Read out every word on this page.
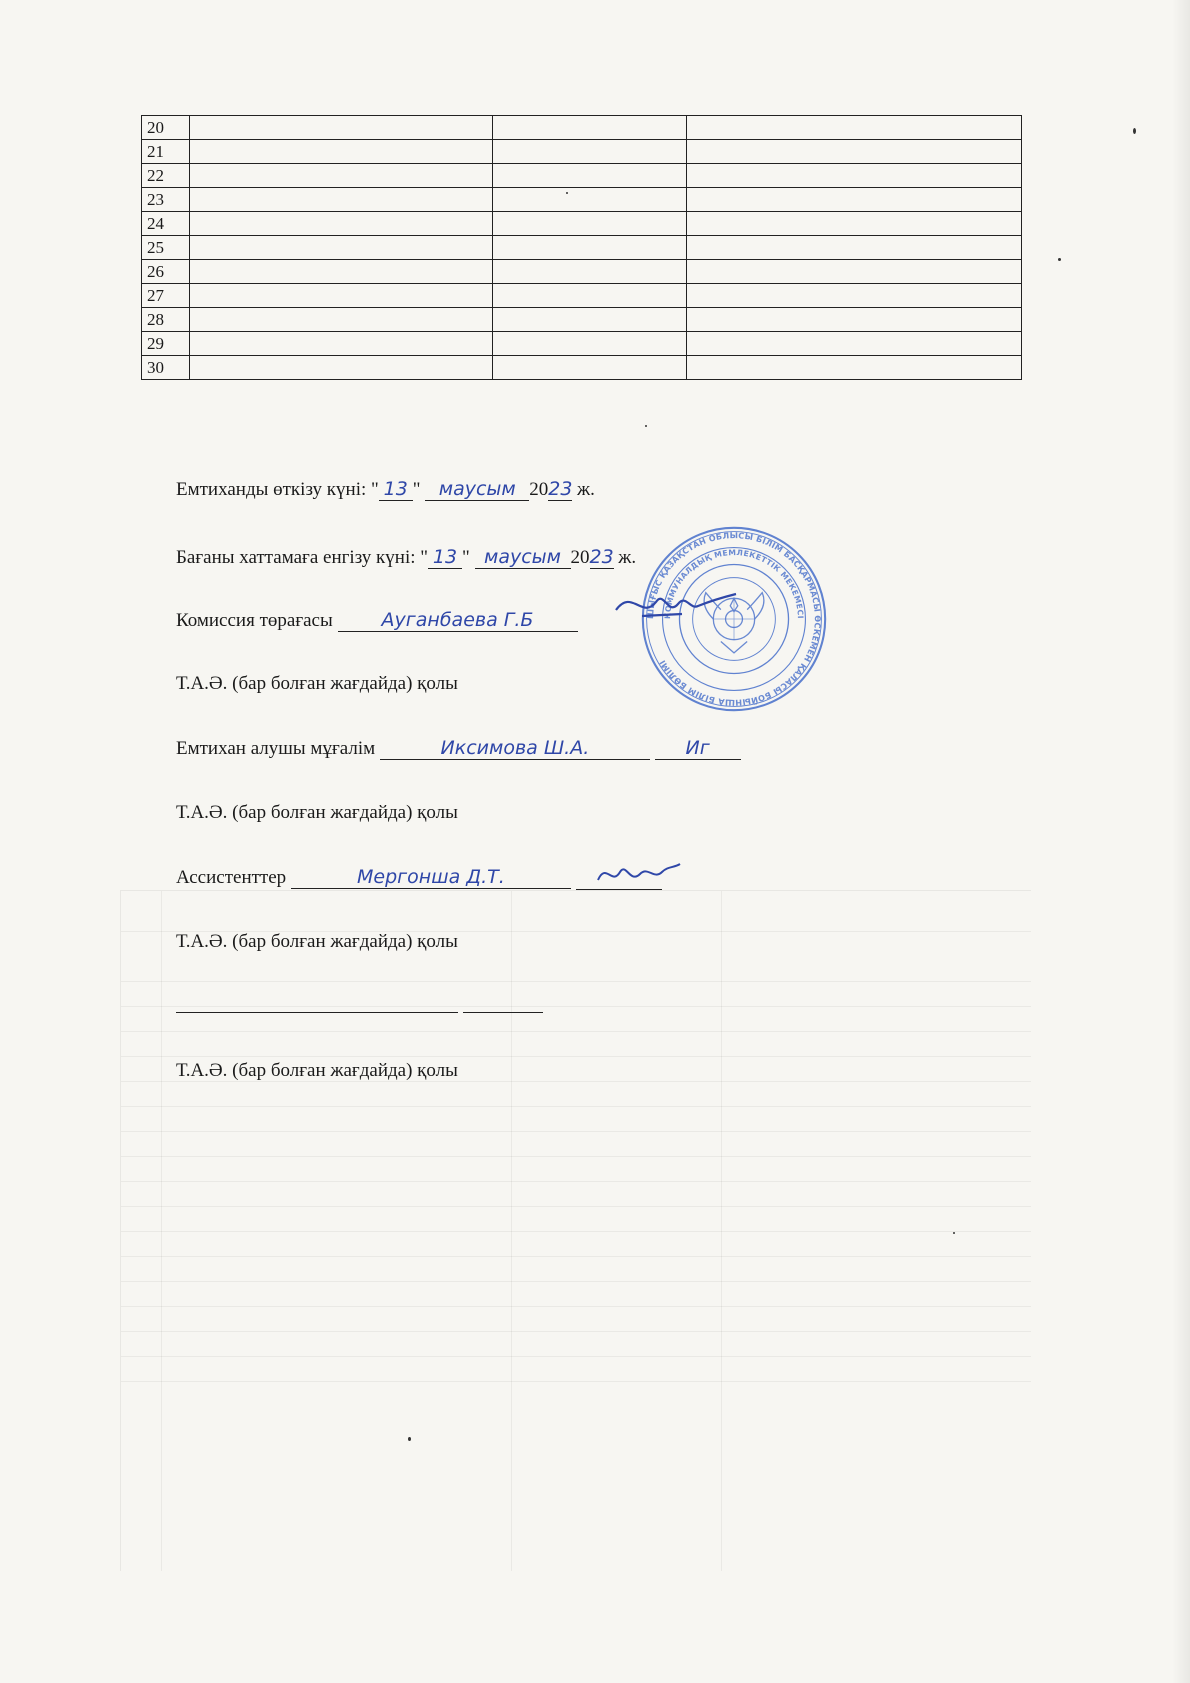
20			
21			
22			
23			
24			
25			
26			
27			
28			
29			
30			
Емтиханды өткізу күні: " 13 " маусым 2023 ж.
Бағаны хаттамаға енгізу күні: " 13 " маусым 2023 ж.
Комиссия төрағасы	Ауганбаева Г.Б
Т.А.Ә. (бар болған жағдайда) қолы
Емтихан алушы мұғалім	Иксимова Ш.А.	Иг
Т.А.Ә. (бар болған жағдайда) қолы
Ассистенттер	Мергонша Д.Т.
Т.А.Ә. (бар болған жағдайда) қолы

Т.А.Ә. (бар болған жағдайда) қолы
ШЫҒЫС ҚАЗАҚСТАН ОБЛЫСЫ БІЛІМ БАСҚАРМАСЫ ӨСКЕМЕН ҚАЛАСЫ БОЙЫНША БІЛІМ БӨЛІМІ
КОММУНАЛДЫҚ МЕМЛЕКЕТТІК МЕКЕМЕСІ
